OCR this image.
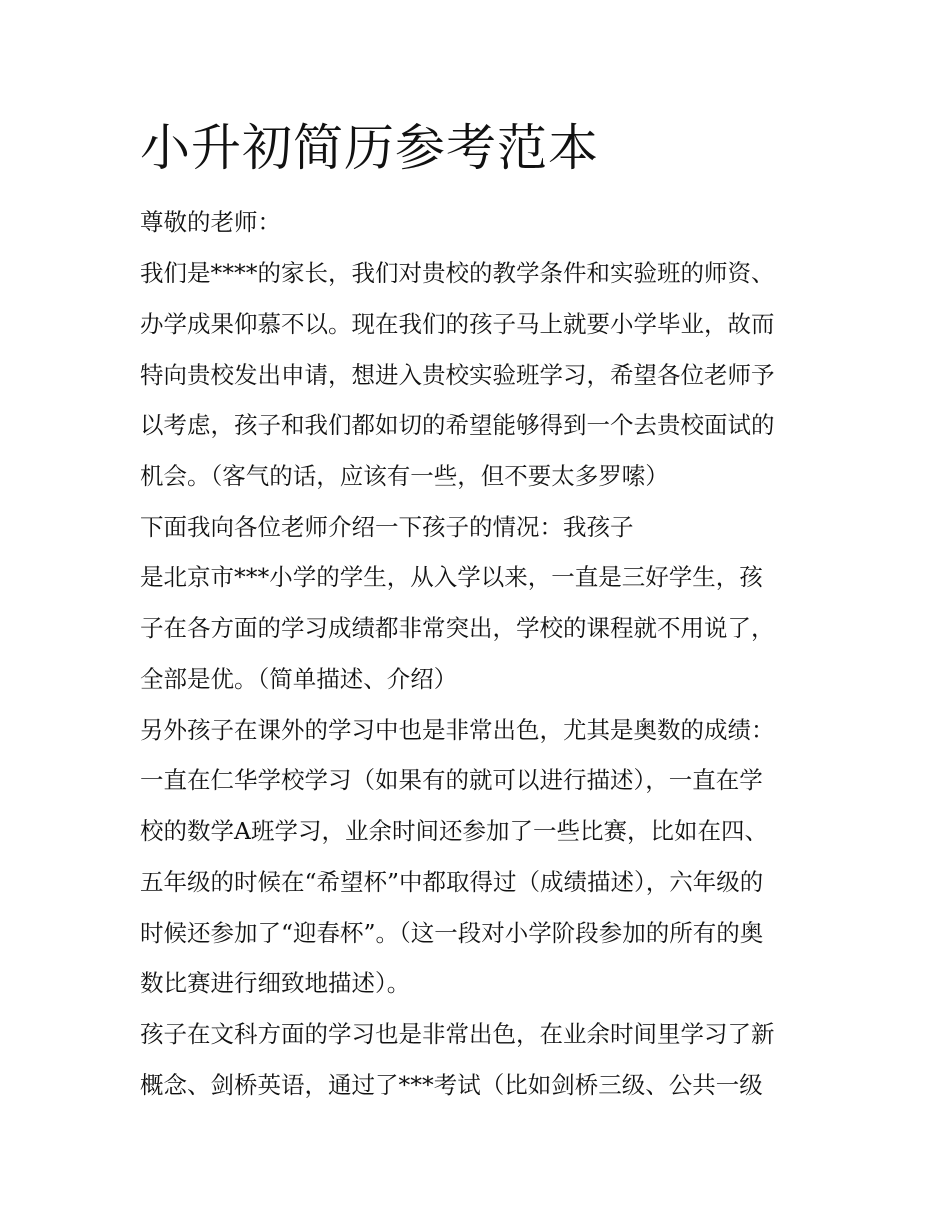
小升初简历参考范本

尊敬的老师：

我们是****的家长，我们对贵校的教学条件和实验班的师资、

办学成果仰慕不以。现在我们的孩子马上就要小学毕业，故而

特向贵校发出申请，想进入贵校实验班学习，希望各位老师予

以考虑，孩子和我们都如切的希望能够得到一个去贵校面试的

机会。（客气的话，应该有一些，但不要太多罗嗦）

下面我向各位老师介绍一下孩子的情况：我孩子

是北京市***小学的学生，从入学以来，一直是三好学生，孩

子在各方面的学习成绩都非常突出，学校的课程就不用说了，

全部是优。（简单描述、介绍）

另外孩子在课外的学习中也是非常出色，尤其是奥数的成绩：

一直在仁华学校学习（如果有的就可以进行描述），一直在学

校的数学A班学习，业余时间还参加了一些比赛，比如在四、

五年级的时候在“希望杯”中都取得过（成绩描述），六年级的

时候还参加了“迎春杯”。（这一段对小学阶段参加的所有的奥

数比赛进行细致地描述）。

孩子在文科方面的学习也是非常出色，在业余时间里学习了新

概念、剑桥英语，通过了***考试（比如剑桥三级、公共一级
